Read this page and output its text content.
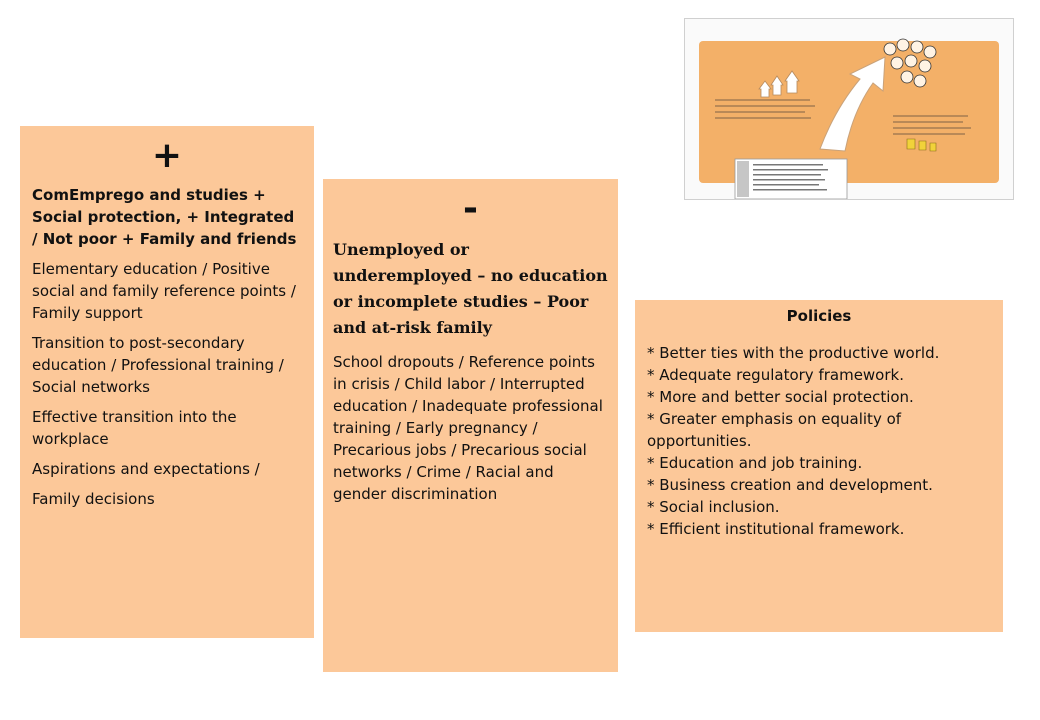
+
ComEmprego and studies + Social protection, + Integrated / Not poor + Family and friends

Elementary education / Positive social and family reference points / Family support

Transition to post-secondary education / Professional training / Social networks

Effective transition into the workplace

Aspirations and expectations /

Family decisions

-
Unemployed or underemployed – no education or incomplete studies – Poor and at-risk family

School dropouts / Reference points in crisis / Child labor / Interrupted education / Inadequate professional training / Early pregnancy / Precarious jobs / Precarious social networks / Crime / Racial and gender discrimination

Policies

* Better ties with the productive world.

* Adequate regulatory framework.

* More and better social protection.

* Greater emphasis on equality of opportunities.

* Education and job training.

* Business creation and development.

* Social inclusion.

* Efficient institutional framework.
